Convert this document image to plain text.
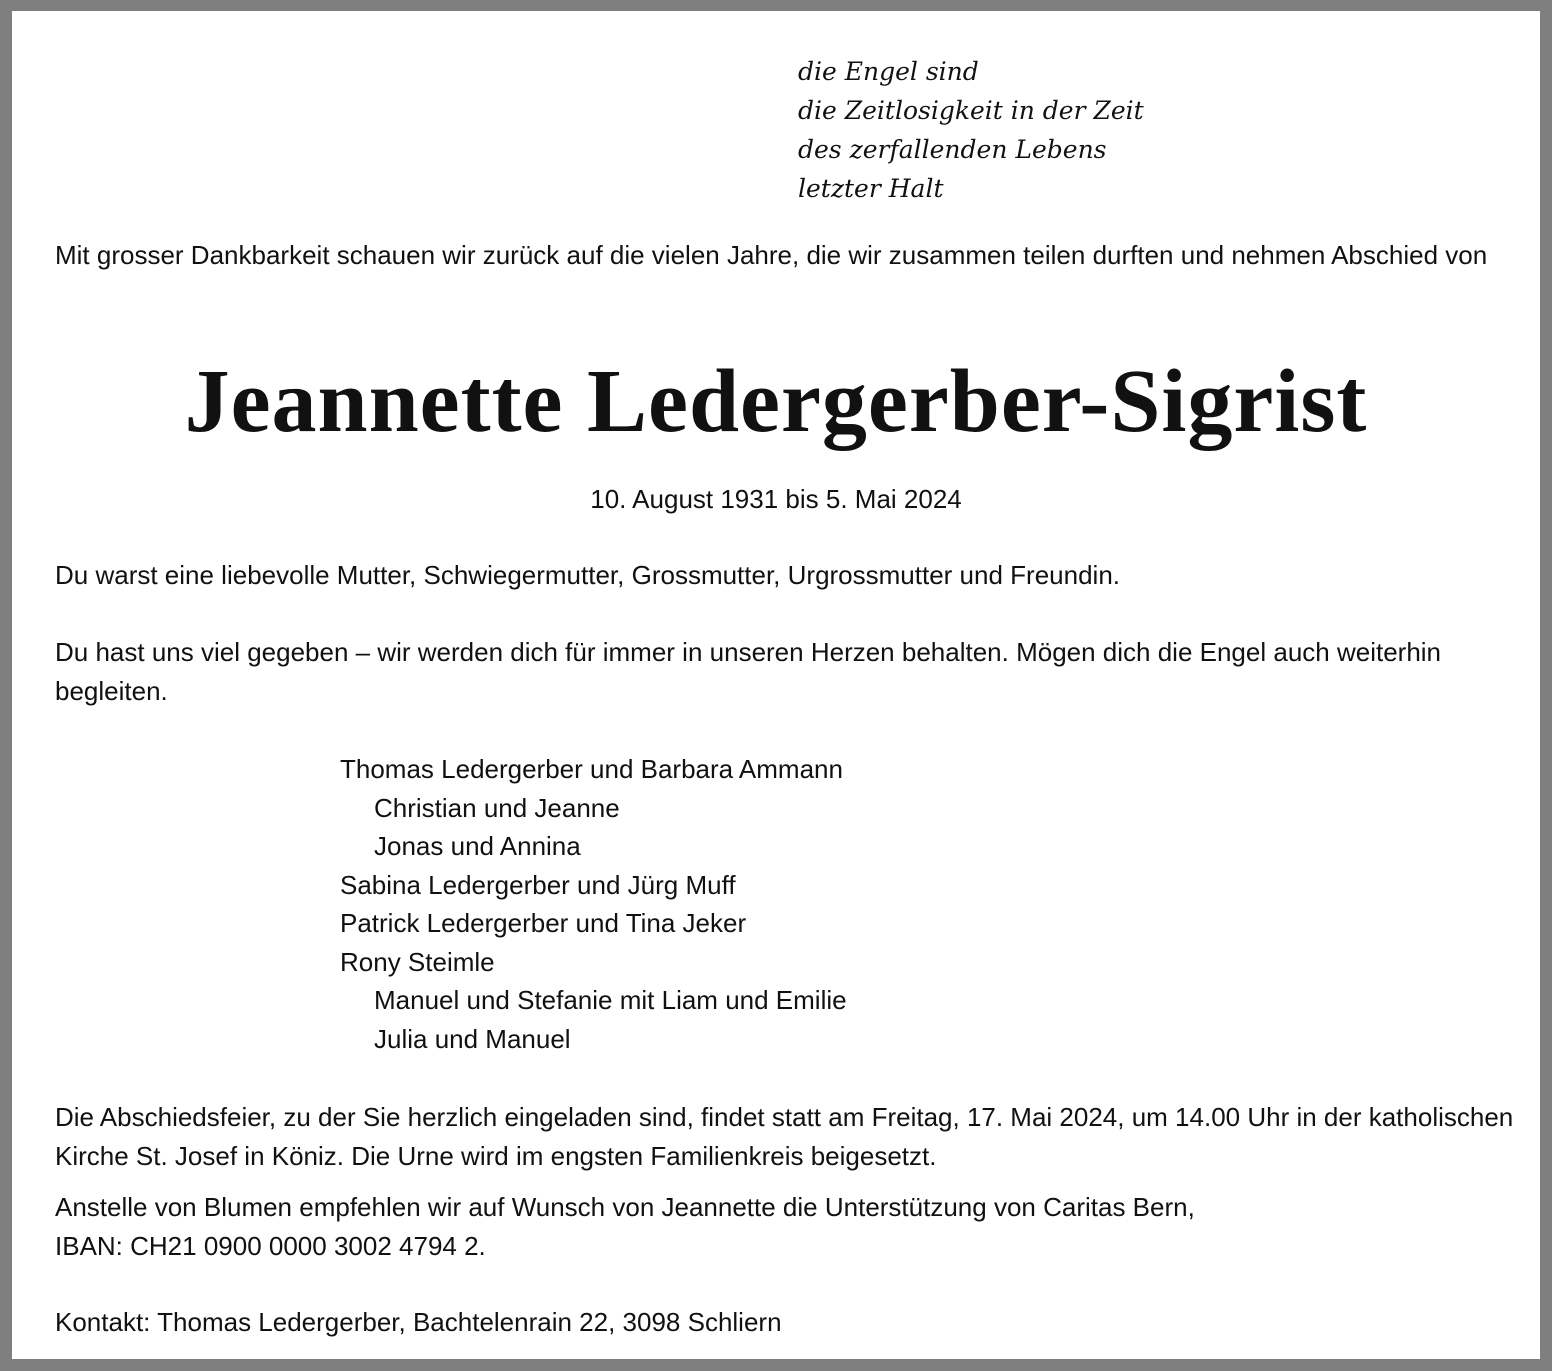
die Engel sind
die Zeitlosigkeit in der Zeit
des zerfallenden Lebens
letzter Halt

Mit grosser Dankbarkeit schauen wir zurück auf die vielen Jahre, die wir zusammen teilen durften und nehmen Abschied von

Jeannette Ledergerber-Sigrist
10. August 1931 bis 5. Mai 2024

Du warst eine liebevolle Mutter, Schwiegermutter, Grossmutter, Urgrossmutter und Freundin.

Du hast uns viel gegeben – wir werden dich für immer in unseren Herzen behalten. Mögen dich die Engel auch weiterhin begleiten.

Thomas Ledergerber und Barbara Ammann
Christian und Jeanne
Jonas und Annina
Sabina Ledergerber und Jürg Muff
Patrick Ledergerber und Tina Jeker
Rony Steimle
Manuel und Stefanie mit Liam und Emilie
Julia und Manuel

Die Abschiedsfeier, zu der Sie herzlich eingeladen sind, findet statt am Freitag, 17. Mai 2024, um 14.00 Uhr in der katholischen Kirche St. Josef in Köniz. Die Urne wird im engsten Familienkreis beigesetzt.

Anstelle von Blumen empfehlen wir auf Wunsch von Jeannette die Unterstützung von Caritas Bern,
IBAN: CH21 0900 0000 3002 4794 2.

Kontakt: Thomas Ledergerber, Bachtelenrain 22, 3098 Schliern
